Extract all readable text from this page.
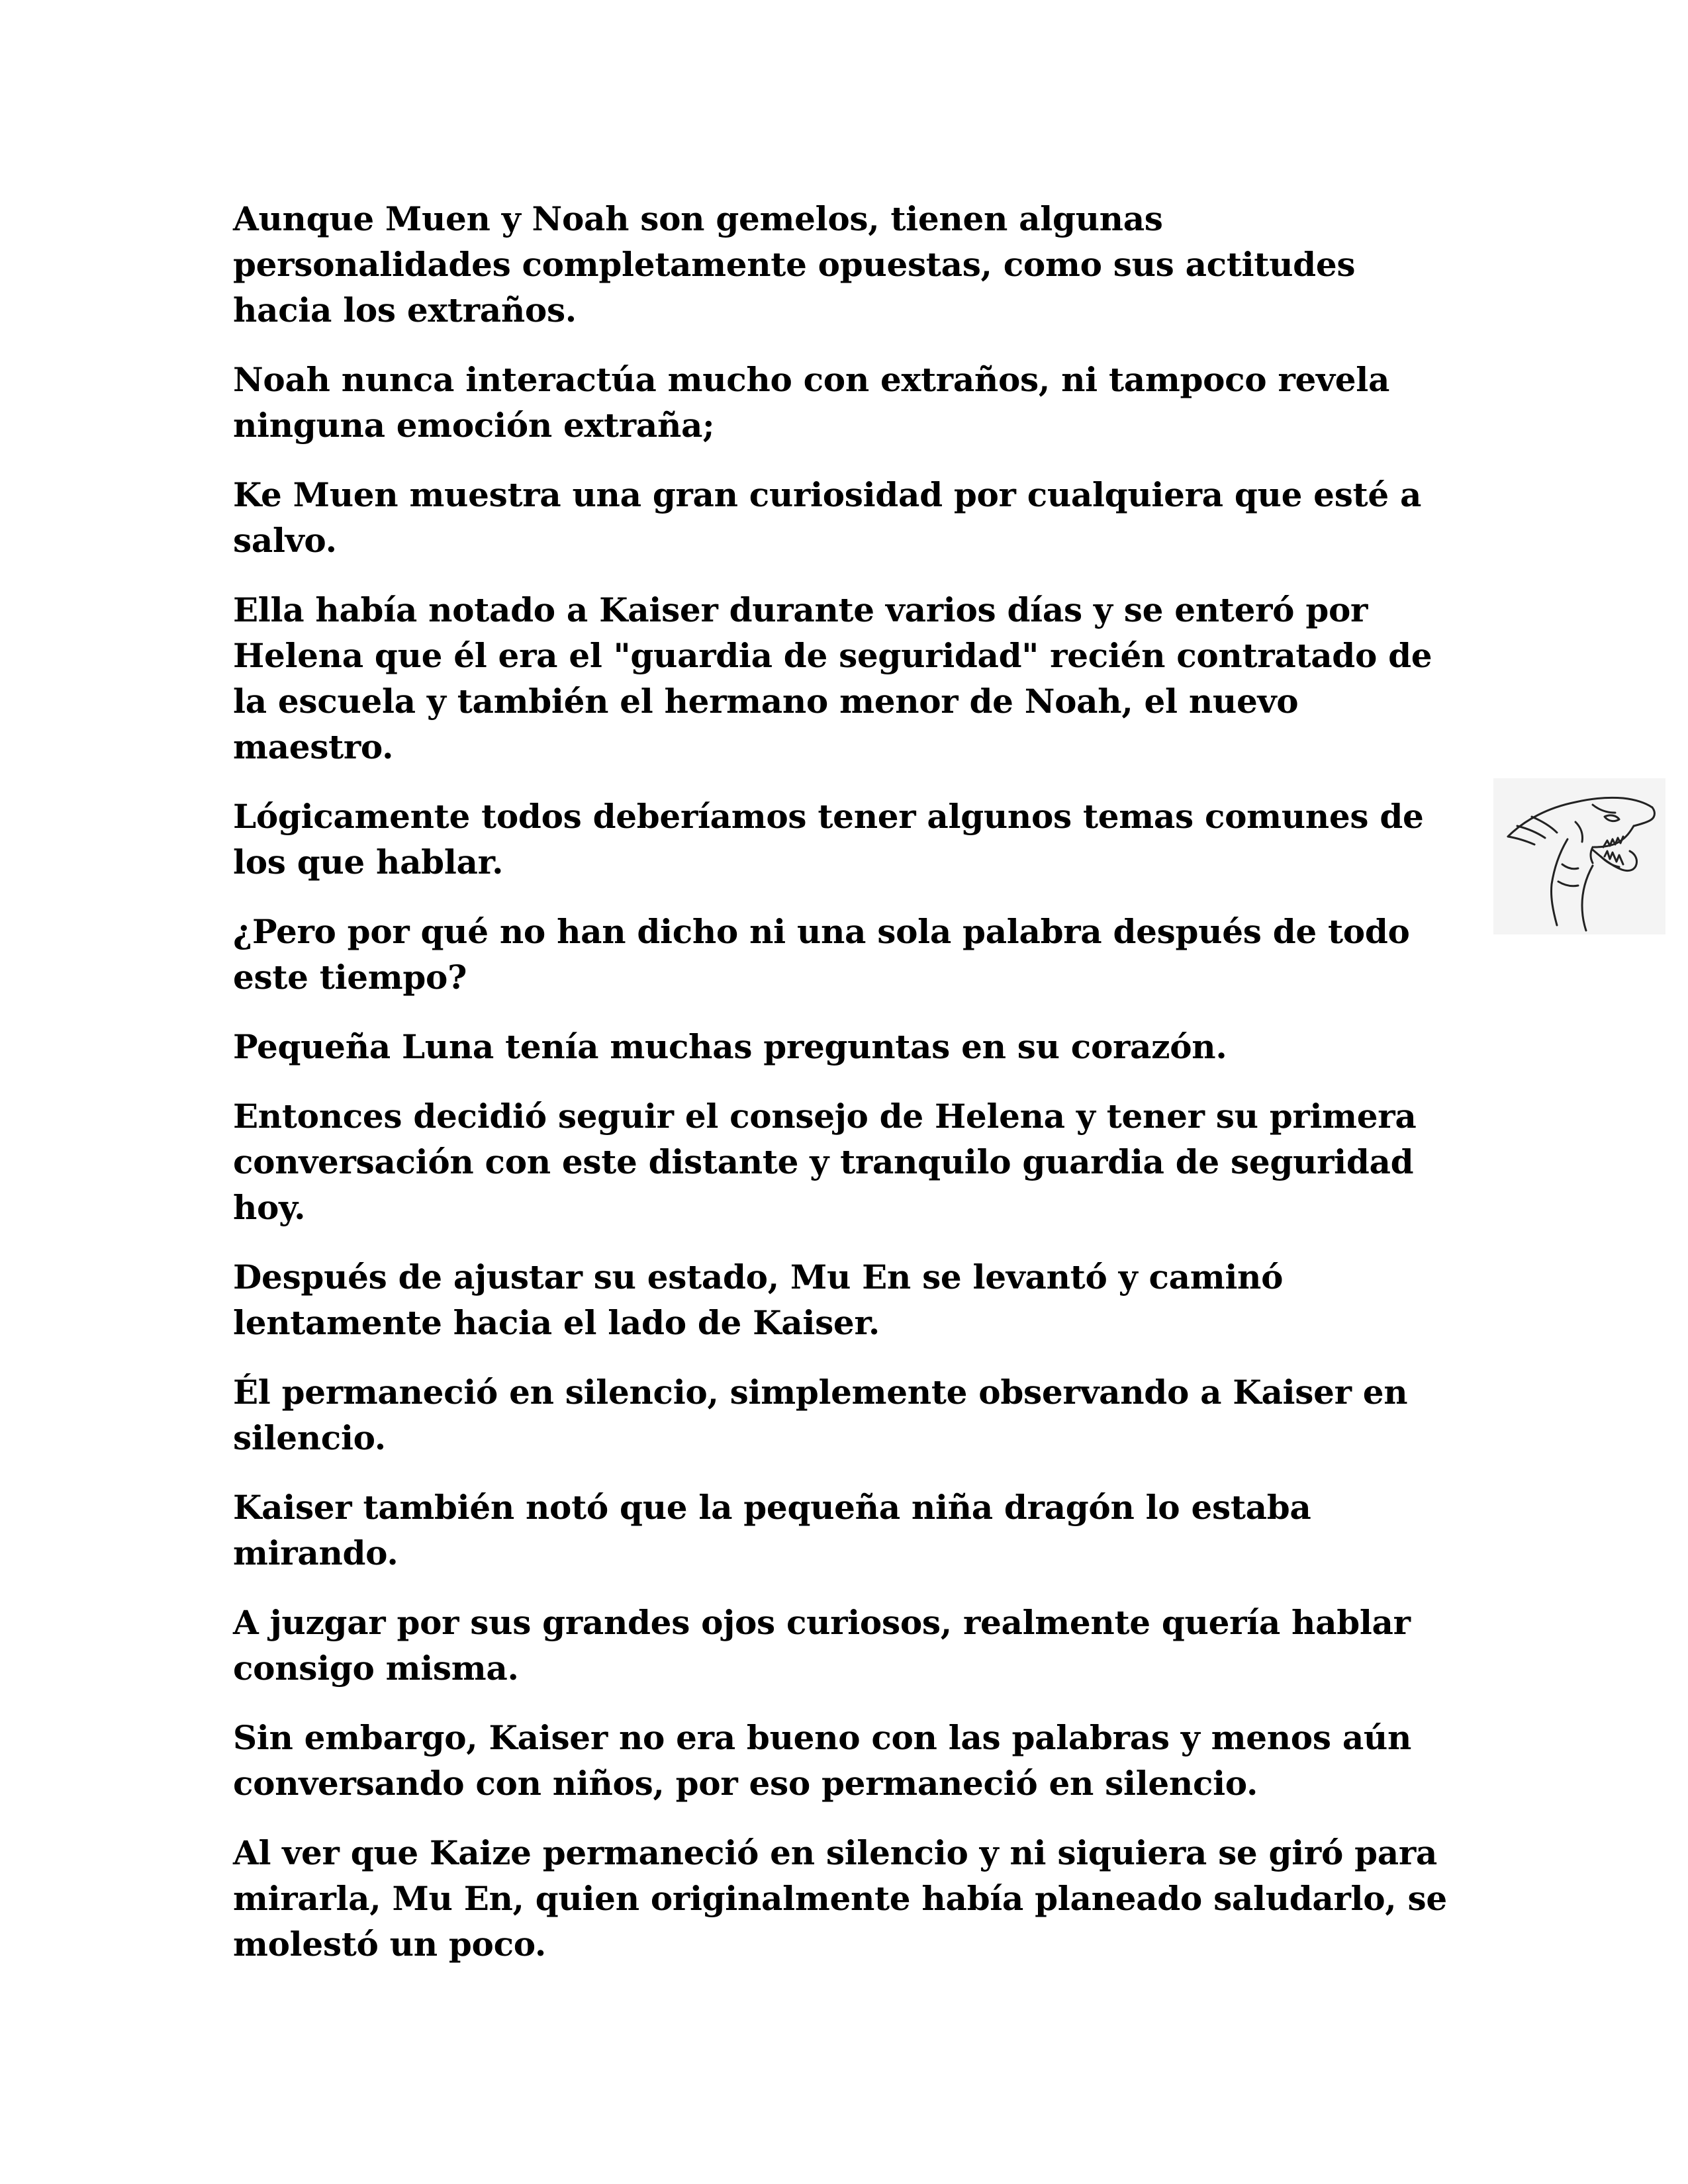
Aunque Muen y Noah son gemelos, tienen algunas personalidades completamente opuestas, como sus actitudes hacia los extraños.

Noah nunca interactúa mucho con extraños, ni tampoco revela ninguna emoción extraña;

Ke Muen muestra una gran curiosidad por cualquiera que esté a salvo.

Ella había notado a Kaiser durante varios días y se enteró por Helena que él era el "guardia de seguridad" recién contratado de la escuela y también el hermano menor de Noah, el nuevo maestro.

Lógicamente todos deberíamos tener algunos temas comunes de los que hablar.

¿Pero por qué no han dicho ni una sola palabra después de todo este tiempo?

Pequeña Luna tenía muchas preguntas en su corazón.

Entonces decidió seguir el consejo de Helena y tener su primera conversación con este distante y tranquilo guardia de seguridad hoy.

Después de ajustar su estado, Mu En se levantó y caminó lentamente hacia el lado de Kaiser.

Él permaneció en silencio, simplemente observando a Kaiser en silencio.

Kaiser también notó que la pequeña niña dragón lo estaba mirando.

A juzgar por sus grandes ojos curiosos, realmente quería hablar consigo misma.

Sin embargo, Kaiser no era bueno con las palabras y menos aún conversando con niños, por eso permaneció en silencio.

Al ver que Kaize permaneció en silencio y ni siquiera se giró para mirarla, Mu En, quien originalmente había planeado saludarlo, se molestó un poco.
